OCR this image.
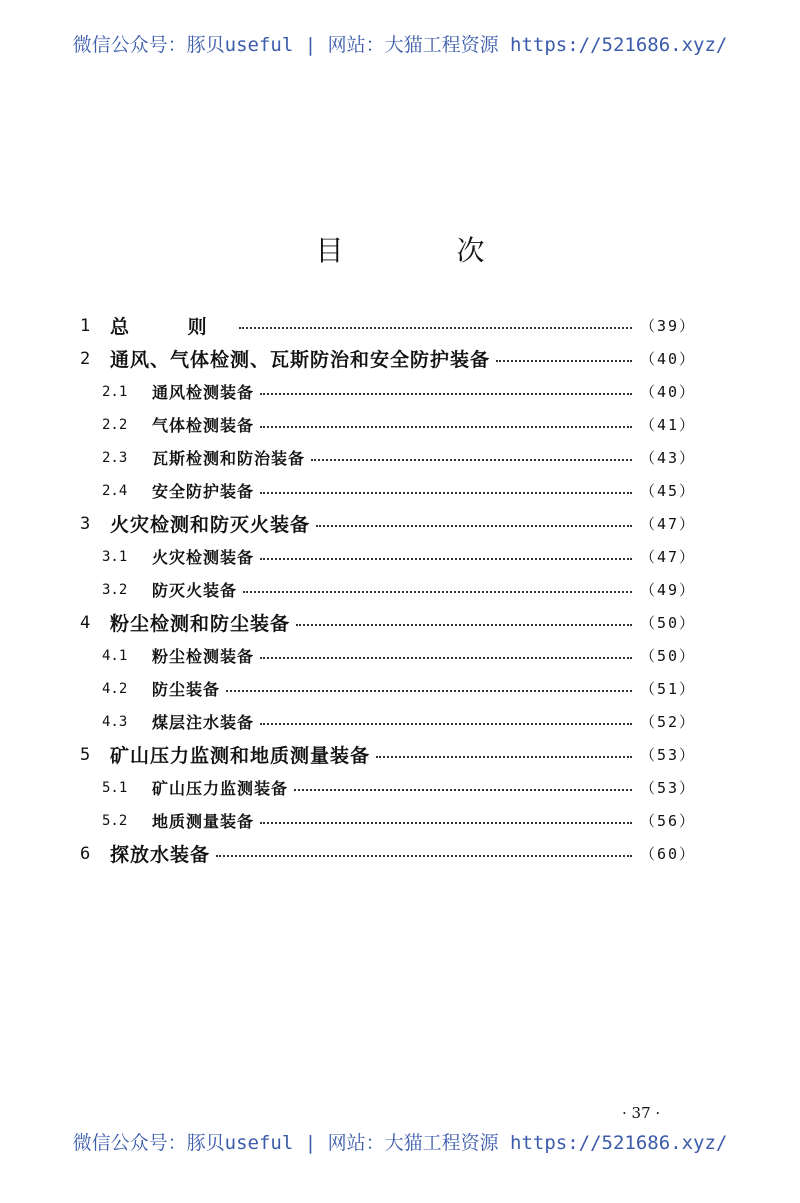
微信公众号：豚贝useful | 网站：大猫工程资源 https://521686.xyz/
目 次
1	总 则	（39）
2	通风、气体检测、瓦斯防治和安全防护装备	（40）
2.1	通风检测装备	（40）
2.2	气体检测装备	（41）
2.3	瓦斯检测和防治装备	（43）
2.4	安全防护装备	（45）
3	火灾检测和防灭火装备	（47）
3.1	火灾检测装备	（47）
3.2	防灭火装备	（49）
4	粉尘检测和防尘装备	（50）
4.1	粉尘检测装备	（50）
4.2	防尘装备	（51）
4.3	煤层注水装备	（52）
5	矿山压力监测和地质测量装备	（53）
5.1	矿山压力监测装备	（53）
5.2	地质测量装备	（56）
6	探放水装备	（60）
· 37 ·
微信公众号：豚贝useful | 网站：大猫工程资源 https://521686.xyz/
